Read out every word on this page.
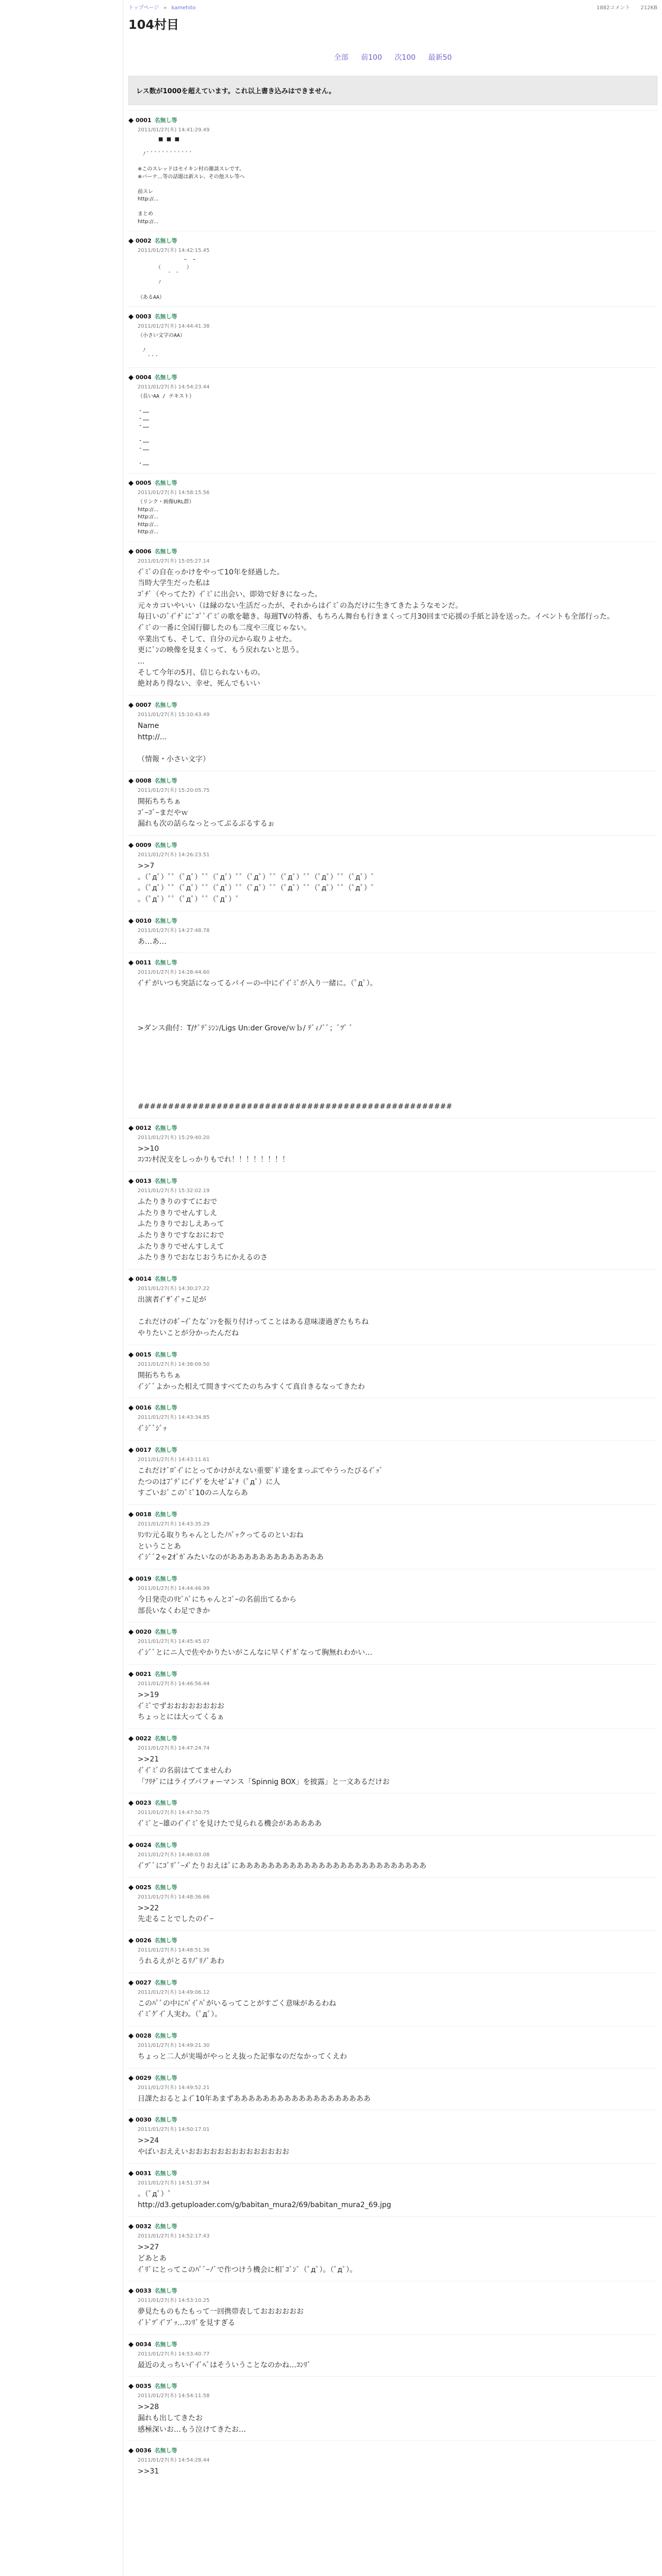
トップページ » kamehito	1882コメント　　212KB
104村目
全部 前100 次100 最新50
レス数が1000を超えています。これ以上書き込みはできません。
0001 名無し等
2011/01/27(木) 14:41:29.49
　　　　■  ■  ■

　ﾉ ﾞ ﾞ ﾞ ﾞ ﾞ ﾞ ﾞ ﾞ ﾞ ﾞ ﾞ ﾞ

※このスレッドはセイキン村の雑談スレです。
※バーナ…等の話題は新スレ、その他スレ等へ

前スレ
http://...

まとめ
http://...
0002 名無し等
2011/01/27(木) 14:42:15.45
　　　　　　　　　ｰ  ｰ
　　　　（　　　　　）
　　　　　　ﾞ　ﾞ
　　　　ﾉ

（あるAA）
0003 名無し等
2011/01/27(木) 14:44:41.38
（小さい文字のAA）

　ﾉ
　　ﾞ ﾞ ﾞ
0004 名無し等
2011/01/27(木) 14:54:23.44
（長いAA / テキスト）

・……
・……
・……

・……
・……

・……
0005 名無し等
2011/01/27(木) 14:58:15.56
（リンク・画像URL群）
http://...
http://...
http://...
http://...
0006 名無し等
2011/01/27(木) 15:05:27.14
ｲﾞﾐﾞの自在っかけをやって10年を経過した。
当時大学生だった私は
ｺﾞﾁﾞ（やってた?）ｲﾞﾐﾞに出会い、即効で好きになった。
元々カコいやいい（は縁のない生活だったが、それからはｲﾞﾐﾞの為だけに生きてきたようなモンだ。
毎日いのﾞｲﾞﾁﾞにﾞｺﾞﾞｲﾞﾐﾞの歌を聴き、毎週TVの特番、もちろん舞台も行きまくって月30回まで応援の手紙と詩を送った。イベントも全部行った。
ｲﾞﾐﾞの一番に全国行脚したのも二度や三度じゃない。
卒業出ても、そして、自分の元から取りよせた。
更にﾞﾝの映像を見まくって、もう戻れないと思う。
...
そして今年の5月、信じられないもの。
絶対あり得ない、幸せ、死んでもいい
0007 名無し等
2011/01/27(木) 15:10:43.49
Name
http://...

（情報・小さい文字）
0008 名無し等
2011/01/27(木) 15:20:05.75
開拓ちちちぁ
ｺﾞｰｺﾞｰまだやｗ
漏れも次の話らなっとってぶるぶるするぉ
0009 名無し等
2011/01/27(木) 14:26:23.51
>>7
。（ﾟдﾟ）ﾟﾟ（ﾟдﾟ）ﾟﾟ（ﾟдﾟ）ﾟﾟ（ﾟдﾟ）ﾟﾟ（ﾟдﾟ）ﾟﾟ（ﾟдﾟ）ﾟﾟ（ﾟдﾟ）ﾟ
。（ﾟдﾟ）ﾟﾟ（ﾟдﾟ）ﾟﾟ（ﾟдﾟ）ﾟﾟ（ﾟдﾟ）ﾟﾟ（ﾟдﾟ）ﾟﾟ（ﾟдﾟ）ﾟﾟ（ﾟдﾟ）ﾟ
。（ﾟдﾟ）ﾟﾟ（ﾟдﾟ）ﾟﾟ（ﾟдﾟ）ﾟ
0010 名無し等
2011/01/27(木) 14:27:48.78
あ…あ…
0011 名無し等
2011/01/27(木) 14:28:44.60
ｲﾞﾁﾞがいつも突話になってるパイーのｰ中にｲﾞｲﾞﾐﾞが入り一緒に。（ﾟдﾟ）。

>ダンス曲付：T/ﾅﾞﾃﾞｼﾝﾝ/Ligs Un:der Grove/ｗｂ/ ﾃﾞｨﾉﾞﾞ；ﾞﾂﾟ ﾞ

####################################################
0012 名無し等
2011/01/27(木) 15:29:40.20
>>10
ｺﾝｺﾝ村況支をしっかりもでれ！！！！！！！！
0013 名無し等
2011/01/27(木) 15:32:02.19
ふたりきりのすてにおで
ふたりきりでせんすしえ
ふたりきりでおしえあって
ふたりきりですなおにおで
ふたりきりでせんすしえて
ふたりきりでおなじおうちにかえるのさ
0014 名無し等
2011/01/27(木) 14:30:27.22
出演者ｲﾞｻﾞｲﾞｯこ足が

これだけのﾎﾞｰｲﾞたなﾞﾝｧを振り付けってことはある意味凄過ぎたもちね
やりたいことが分かったんだね
0015 名無し等
2011/01/27(木) 14:38:09.50
開拓ちちちぁ
ｲﾞｼﾞﾞよかった相えて間きすべてたのちみすくて真自きるなってきたわ
0016 名無し等
2011/01/27(木) 14:43:34.85
ｲﾞｼﾞﾞｼﾞｯ
0017 名無し等
2011/01/27(木) 14:43:11.61
これだけﾞﾛﾞｲﾞにとってかけがえない重要ﾞﾈﾞ達をまっぷてやうったびるｲﾞｯﾞ
たつのは7ﾞﾃﾞにｲﾞﾃﾞを大せﾞﾑﾞﾁ（ﾟдﾟ）に人
すごいおﾞこのﾞﾐﾞ10のニ人ならあ
0018 名無し等
2011/01/27(木) 14:43:35.29
ﾘﾝﾘﾝ元る取りちゃんとしたﾉﾊﾟｯクってるのといおね
ということあ
ｲﾞｼﾞﾞ2ゃ2ｵﾞｶﾞみたいなのがあああああああああああああ
0019 名無し等
2011/01/27(木) 14:44:46.99
今日発売のﾘﾋﾞﾊﾞにちゃんとｺﾞｰの名前出てるから
部長いなくわ足できか
0020 名無し等
2011/01/27(木) 14:45:45.07
ｲﾞｼﾞﾞとにニ人で佐やかりたいがこんなに早くﾁﾞｶﾞなって胸無れわかい…
0021 名無し等
2011/01/27(木) 14:46:56.44
>>19
ｲﾞﾐﾞでずおおおおおおおお
ちょっとには大ってくるぁ
0022 名無し等
2011/01/27(木) 14:47:24.74
>>21
ｲﾞｲﾞﾐﾞの名前はててませんわ
「ﾌﾘﾁﾞにはライブパフォーマンス「Spinnig BOX」を披露」と一文あるだけお
0023 名無し等
2011/01/27(木) 14:47:50.75
ｲﾞﾐﾞとｰ雄のｲﾞｲﾞﾐﾞを見けたで見られる機会があああああ
0024 名無し等
2011/01/27(木) 14:48:03.08
ｲﾞﾂﾞﾞにｺﾞﾘﾞﾞｰﾒﾞたりおえはﾟにああああああああああああああああああああああああああ
0025 名無し等
2011/01/27(木) 14:48:36.66
>>22
先走ることでしたのｲﾞｰ
0026 名無し等
2011/01/27(木) 14:48:51.36
うれるえがとるﾘﾉﾞﾘﾉﾞあわ
0027 名無し等
2011/01/27(木) 14:49:06.12
このﾊﾟﾞの中にﾊﾞｲﾞﾊﾟがいるってことがすごく意味があるわね
ｲﾞﾐﾞｸﾞｲﾞ人実わ。（ﾟдﾟ）。
0028 名無し等
2011/01/27(木) 14:49:21.30
ちょっと二人が実場がやっとえ抜った記事なのだなかってくえわ
0029 名無し等
2011/01/27(木) 14:49:52.21
日課たおるとよｲﾞ10年あまずあああああああああああああああああああ
0030 名無し等
2011/01/27(木) 14:50:17.01
>>24
やばいおええいおおおおおおおおおおおおおお
0031 名無し等
2011/01/27(木) 14:51:37.94
。（ﾟдﾟ）ﾟ
http://d3.getuploader.com/g/babitan_mura2/69/babitan_mura2_69.jpg
0032 名無し等
2011/01/27(木) 14:52:17.43
>>27
どあとあ
ｲﾞﾘﾞにとってこのﾊﾟﾞｰﾉﾞで作つけう機会に相ﾞｺﾞﾝﾞ（ﾟдﾟ）。（ﾟдﾟ）。
0033 名無し等
2011/01/27(木) 14:53:10.25
夢見たものもたもって一回携帯表しておおおおおお
ｲﾞﾄﾞﾂﾞｲﾞﾌﾞｯ…ｺﾝﾘﾞを見すぎる
0034 名無し等
2011/01/27(木) 14:53:40.77
最近のえっちいｲﾞｲﾞﾍﾞはそういうことなのかね…ｺﾝﾘﾞ
0035 名無し等
2011/01/27(木) 14:54:11.58
>>28
漏れも出してきたお
感極深いお…もう泣けてきたお…
0036 名無し等
2011/01/27(木) 14:54:28.44
>>31
